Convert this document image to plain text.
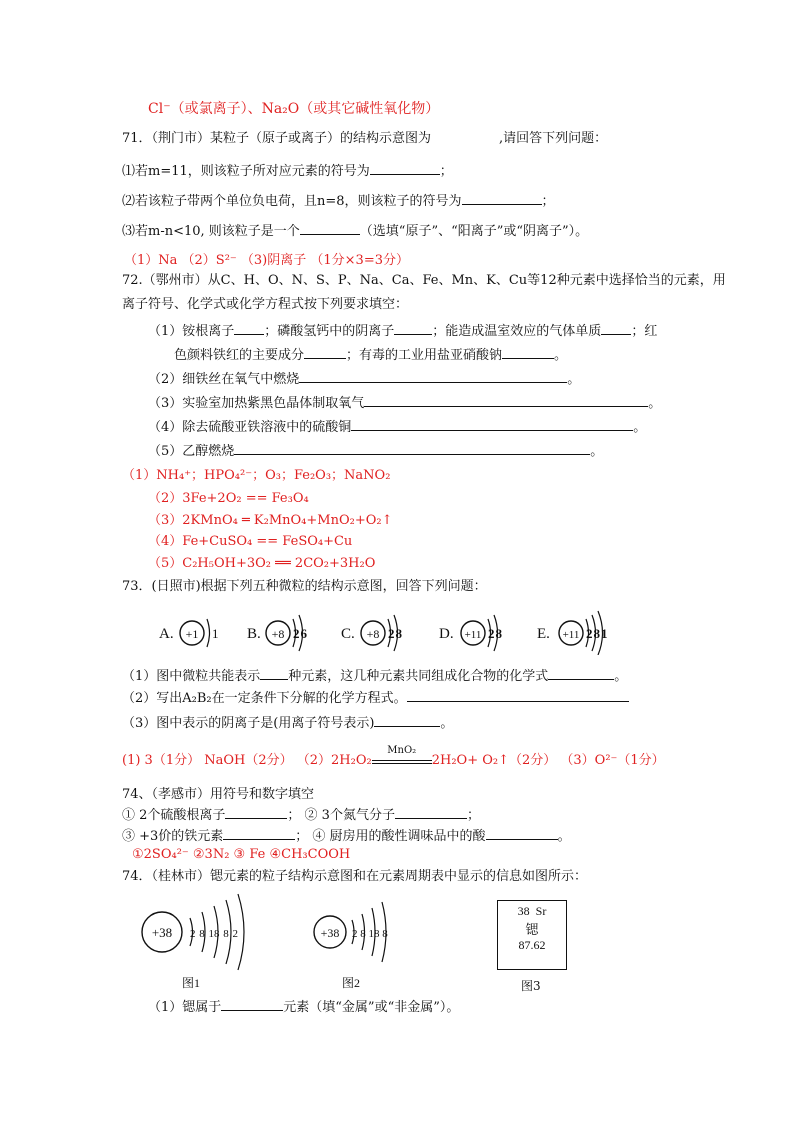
Cl⁻（或氯离子）、Na₂O（或其它碱性氧化物）
71．（荆门市）某粒子（原子或离子）的结构示意图为	,请回答下列问题：
⑴若m=11，则该粒子所对应元素的符号为	；
⑵若该粒子带两个单位负电荷，且n=8，则该粒子的符号为	；
⑶若m-n<10, 则该粒子是一个	（选填“原子”、“阳离子”或“阴离子”）。
（1）Na （2）S²⁻ （3)阴离子 （1分×3=3分）
72.（鄂州市）从C、H、O、N、S、P、Na、Ca、Fe、Mn、K、Cu等12种元素中选择恰当的元素，用
离子符号、化学式或化学方程式按下列要求填空：
（1）铵根离子 ；磷酸氢钙中的阴离子	；能造成温室效应的气体单质 ；红
色颜料铁红的主要成分	；有毒的工业用盐亚硝酸钠	。
（2）细铁丝在氧气中燃烧	。
（3）实验室加热紫黑色晶体制取氧气	。
（4）除去硫酸亚铁溶液中的硫酸铜	。
（5）乙醇燃烧	。
（1）NH₄⁺；HPO₄²⁻；O₃；Fe₂O₃；NaNO₂
（2）3Fe+2O₂ == Fe₃O₄
（3）2KMnO₄ ═ K₂MnO₄+MnO₂+O₂↑
（4）Fe+CuSO₄ == FeSO₄+Cu
（5）C₂H₅OH+3O₂ ══ 2CO₂+3H₂O
73．(日照市)根据下列五种微粒的结构示意图，回答下列问题：
A. +1 1 B. +8 26 C. +8 28 D. +11 28 E. +11 281
（1）图中微粒共能表示 种元素，这几种元素共同组成化合物的化学式	。
（2）写出A₂B₂在一定条件下分解的化学方程式。
（3）图中表示的阴离子是(用离子符号表示)	。
(1) 3（1分） NaOH（2分） （2）2H₂O₂
MnO₂
2H₂O+ O₂↑（2分） （3）O²⁻（1分）
74、（孝感市）用符号和数字填空
① 2个硫酸根离子	； ② 3个氮气分子	；
③ +3价的铁元素	； ④ 厨房用的酸性调味品中的酸	。
①2SO₄²⁻ ②3N₂ ③ Fe ④CH₃COOH
74．（桂林市）锶元素的粒子结构示意图和在元素周期表中显示的信息如图所示：
+38 2 8 18 8 2
图1
+38 2 8 18 8
图2
38 Sr
锶
87.62
图3
（1）锶属于	元素（填“金属”或“非金属”）。
